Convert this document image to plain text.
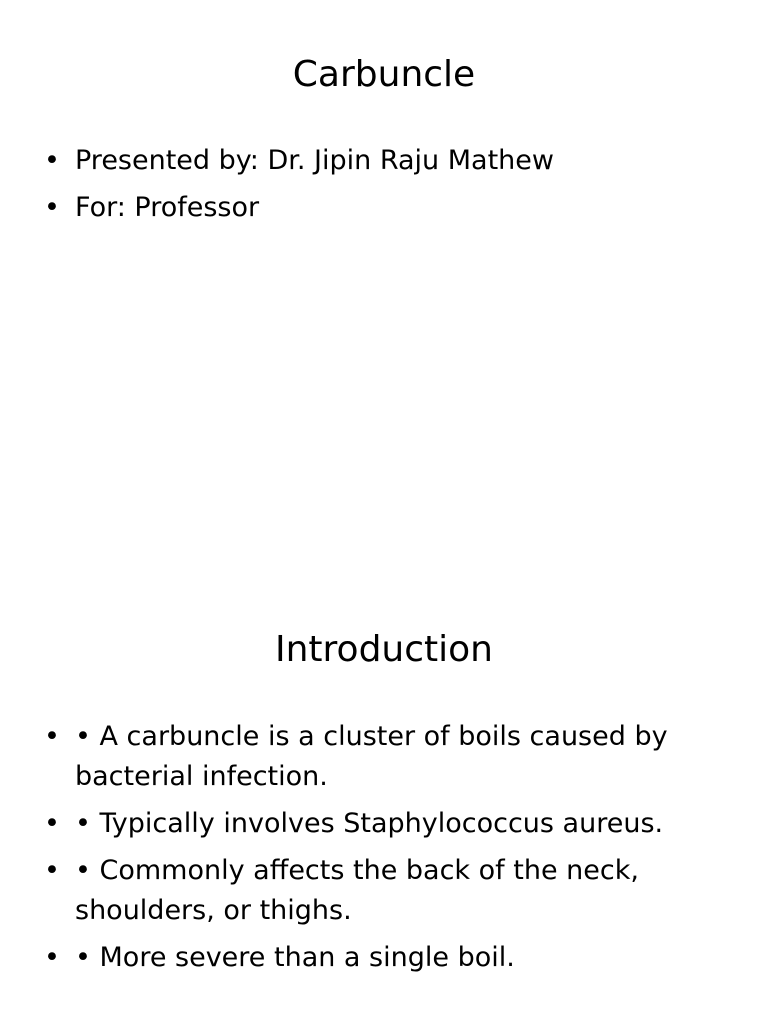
Carbuncle
• Presented by: Dr. Jipin Raju Mathew
• For: Professor
Introduction
• • A carbuncle is a cluster of boils caused by bacterial infection.
• • Typically involves Staphylococcus aureus.
• • Commonly affects the back of the neck, shoulders, or thighs.
• • More severe than a single boil.
